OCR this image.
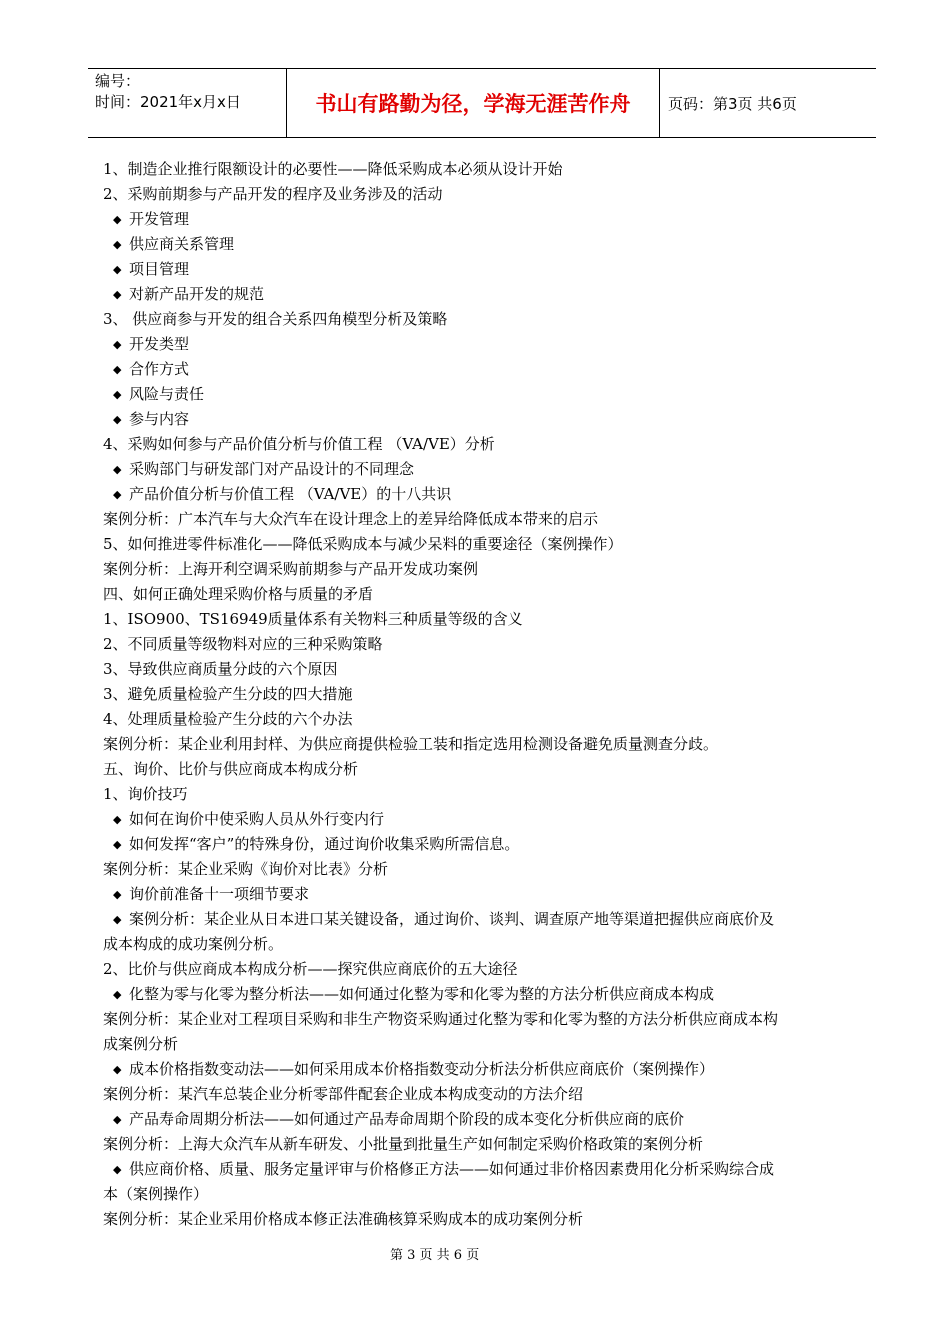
编号：
时间：2021年x月x日	书山有路勤为径，学海无涯苦作舟	页码：第3页 共6页
1、制造企业推行限额设计的必要性——降低采购成本必须从设计开始
2、采购前期参与产品开发的程序及业务涉及的活动
◆ 开发管理
◆ 供应商关系管理
◆ 项目管理
◆ 对新产品开发的规范
3、 供应商参与开发的组合关系四角模型分析及策略
◆ 开发类型
◆ 合作方式
◆ 风险与责任
◆ 参与内容
4、采购如何参与产品价值分析与价值工程 （VA/VE）分析
◆ 采购部门与研发部门对产品设计的不同理念
◆ 产品价值分析与价值工程 （VA/VE）的十八共识
案例分析：广本汽车与大众汽车在设计理念上的差异给降低成本带来的启示
5、如何推进零件标准化——降低采购成本与减少呆料的重要途径（案例操作）
案例分析：上海开利空调采购前期参与产品开发成功案例
四、如何正确处理采购价格与质量的矛盾
1、ISO900、TS16949质量体系有关物料三种质量等级的含义
2、不同质量等级物料对应的三种采购策略
3、导致供应商质量分歧的六个原因
3、避免质量检验产生分歧的四大措施
4、处理质量检验产生分歧的六个办法
案例分析：某企业利用封样、为供应商提供检验工装和指定选用检测设备避免质量测查分歧。
五、询价、比价与供应商成本构成分析
1、询价技巧
◆ 如何在询价中使采购人员从外行变内行
◆ 如何发挥“客户”的特殊身份，通过询价收集采购所需信息。
案例分析：某企业采购《询价对比表》分析
◆ 询价前准备十一项细节要求
◆ 案例分析：某企业从日本进口某关键设备，通过询价、谈判、调查原产地等渠道把握供应商底价及
成本构成的成功案例分析。
2、比价与供应商成本构成分析——探究供应商底价的五大途径
◆ 化整为零与化零为整分析法——如何通过化整为零和化零为整的方法分析供应商成本构成
案例分析：某企业对工程项目采购和非生产物资采购通过化整为零和化零为整的方法分析供应商成本构
成案例分析
◆ 成本价格指数变动法——如何采用成本价格指数变动分析法分析供应商底价（案例操作）
案例分析：某汽车总装企业分析零部件配套企业成本构成变动的方法介绍
◆ 产品寿命周期分析法——如何通过产品寿命周期个阶段的成本变化分析供应商的底价
案例分析：上海大众汽车从新车研发、小批量到批量生产如何制定采购价格政策的案例分析
◆ 供应商价格、质量、服务定量评审与价格修正方法——如何通过非价格因素费用化分析采购综合成
本（案例操作）
案例分析：某企业采用价格成本修正法准确核算采购成本的成功案例分析
第 3 页 共 6 页
